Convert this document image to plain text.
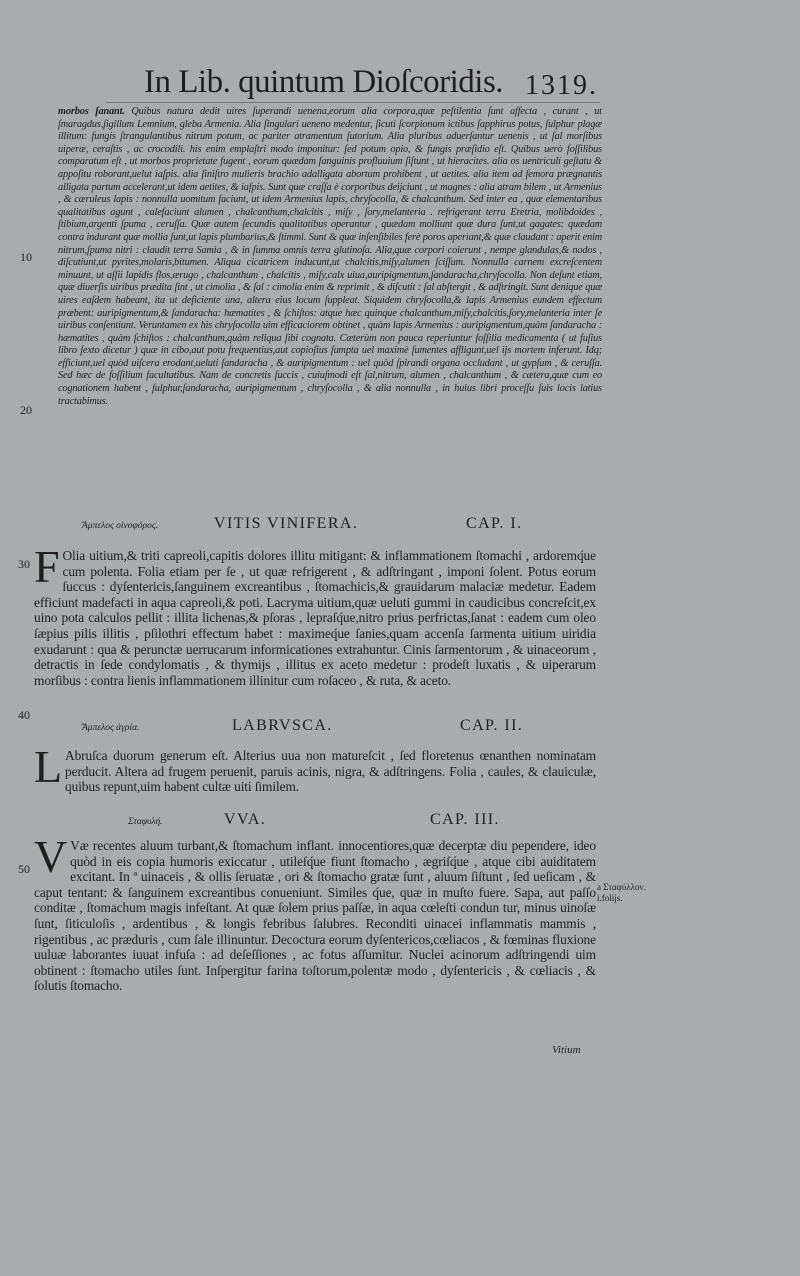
In Lib. quintum Dioſcoridis. 1319.
morbos ſanant. Quibus natura dedit uires ſuperandi uenena,eorum alia corpora,quæ peſtilentia ſunt affecta , curant , ut ſmaragdus,ſigillum Lemnium, gleba Armenia. Alia ſingulari ueneno medentur, ſicuti ſcorpionum ictibus ſapphirus potus, ſulphur plagæ illitum: fungis ſtrangulantibus nitrum potum, ac pariter atramentum ſutorium. Alia pluribus aduerſantur uenenis , ut ſal morſibus uiperæ, ceraſtis , ac crocodili. his enim emplaſtri modo imponitur: ſed potum opio, & fungis præſidio eſt. Quibus uerò foſſilibus comparatum eſt , ut morbos proprietate fugent , eorum quædam ſanguinis profluuium ſiſtunt , ut hieracites. alia os uentriculi geſtatu & appoſitu roborant,uelut iaſpis. alia ſiniſtro mulieris brachio adalligata abortum prohibent , ut aetites. alia item ad femora prægnantis alligata partum accelerant,ut idem aetites, & iaſpis. Sunt quæ craſſa è corporibus deijciunt , ut magnes : alia atram bilem , ut Armenius , & cæruleus lapis : nonnulla uomitum faciunt, ut idem Armenius lapis, chryſocolla, & chalcanthum. Sed inter ea , quæ elementaribus qualitatibus agunt , calefaciunt alumen , chalcanthum,chalcitis , miſy , ſory,melanteria . refrigerant terra Eretria, molibdoides , ſtibium,argenti ſpuma , ceruſſa. Quæ autem ſecundis qualitatibus operantur , quædam molliunt quæ dura ſunt,ut gagates: quædam contra indurant quæ mollia ſunt,ut lapis plumbarius,& ſtimmi. Sunt & quæ inſenſibiles ferè poros aperiant,& quæ claudant : aperit enim nitrum,ſpuma nitri : claudit terra Samia , & in ſumma omnis terra glutinoſa. Alia,quæ corpori coierunt , nempe glandulas,& nodos , diſcutiunt,ut pyrites,molaris,bitumen. Aliqua cicatricem inducunt,ut chalcitis,miſy,alumen ſciſſum. Nonnulla carnem excreſcentem minuunt, ut aſſii lapidis flos,ærugo , chalcanthum , chalcitis , miſy,calx uiua,auripigmentum,ſandaracha,chryſocolla. Non deſunt etiam, quæ diuerſis uiribus prædita ſint , ut cimolia , & ſal : cimolia enim & reprimit , & diſcutit : ſal abſtergit , & adſtringit. Sunt denique quæ uires eaſdem habeant, ita ut deficiente una, altera eius locum ſuppleat. Siquidem chryſocolla,& lapis Armenius eundem effectum præbent: auripigmentum,& ſandaracha: hæmatites , & ſchiſtos: atque hæc quinque chalcanthum,miſy,chalcitis,ſory,melanteria inter ſe uiribus conſentiunt. Veruntamen ex his chryſocolla uim efficaciorem obtinet , quàm lapis Armenius : auripigmentum,quàm ſandaracha : hæmatites , quàm ſchiſtos : chalcanthum,quàm reliqua ſibi cognata. Cæterùm non pauca reperiuntur foſſilia medicamenta ( ut fuſius libro ſexto dicetur ) quæ in cibo,aut potu frequentius,aut copioſius ſumpta uel maximè ſumentes affligunt,uel ijs mortem inferunt. Idq; efficiunt,uel quòd uiſcera erodant,ueluti ſandaracha , & auripigmentum : uel quòd ſpirandi organa occludant , ut gypſum , & ceruſſa. Sed hæc de foſſilium facultatibus. Nam de concretis ſuccis , cuiuſmodi eſt ſal,nitrum, alumen , chalcanthum , & cætera,quæ cum eo cognationem habent , ſulphur,ſandaracha, auripigmentum , chryſocolla , & alia nonnulla , in huius libri proceſſu ſuis locis latius tractabimus.
10
20
30
40
50
Ἄμπελος οἰνοφόρος.	VITIS VINIFERA.	CAP. I.
F Olia uitium,& triti capreoli,capitis dolores illitu mitigant: & inflammationem ſtomachi , ardoremq́ue cum polenta. Folia etiam per ſe , ut quæ refrigerent , & adſtringant , imponi ſolent. Potus eorum ſuccus : dyſentericis,ſanguinem excreantibus , ſtomachicis,& grauidarum malaciæ medetur. Eadem efficiunt madefacti in aqua capreoli,& poti. Lacryma uitium,quæ ueluti gummi in caudicibus concreſcit,ex uino pota calculos pellit : illita lichenas,& pſoras , lepraſq́ue,nitro prius perfrictas,ſanat : eadem cum oleo ſæpius pilis illitis , pſilothri effectum habet : maximeq́ue ſanies,quam accenſa ſarmenta uitium uiridia exudarunt : qua & perunctæ uerrucarum informicationes extrahuntur. Cinis ſarmentorum , & uinaceorum , detractis in ſede condylomatis , & thymijs , illitus ex aceto medetur : prodeſt luxatis , & uiperarum morſibus : contra lienis inflammationem illinitur cum roſaceo , & ruta, & aceto.
Ἄμπελος ἀγρία.	LABRVSCA.	CAP. II.
L Abruſca duorum generum eſt. Alterius uua non matureſcit , ſed floretenus œnanthen nominatam perducit. Altera ad frugem peruenit, paruis acinis, nigra, & adſtringens. Folia , caules, & clauiculæ, quibus repunt,uim habent cultæ uiti ſimilem.
Σταφυλή.	VVA.	CAP. III.
V Væ recentes aluum turbant,& ſtomachum inflant. innocentiores,quæ decerptæ diu pependere, ideo quòd in eis copia humoris exiccatur , utileſq́ue fiunt ſtomacho , ægriſq́ue , atque cibi auiditatem excitant. In ª uinaceis , & ollis ſeruatæ , ori & ſtomacho gratæ ſunt , aluum ſiſtunt , ſed ueſicam , & caput tentant: & ſanguinem excreantibus conueniunt. Similes q́ue, quæ in muſto fuere. Sapa, aut paſſo conditæ , ſtomachum magis infeſtant. At quæ ſolem prius paſſæ, in aqua cœleſti condun tur, minus uinoſæ ſunt, ſiticuloſis , ardentibus , & longis febribus ſalubres. Reconditi uinacei inflammatis mammis , rigentibus , ac præduris , cum ſale illinuntur. Decoctura eorum dyſentericos,cœliacos , & fœminas fluxione uuluæ laborantes iuuat infuſa : ad deſeſſiones , ac fotus aſſumitur. Nuclei acinorum adſtringendi uim obtinent : ſtomacho utiles ſunt. Inſpergitur farina toſtorum,polentæ modo , dyſentericis , & cœliacis , & ſolutis ſtomacho.
a Σταφύλλον.
i.folijs.
Vitium
